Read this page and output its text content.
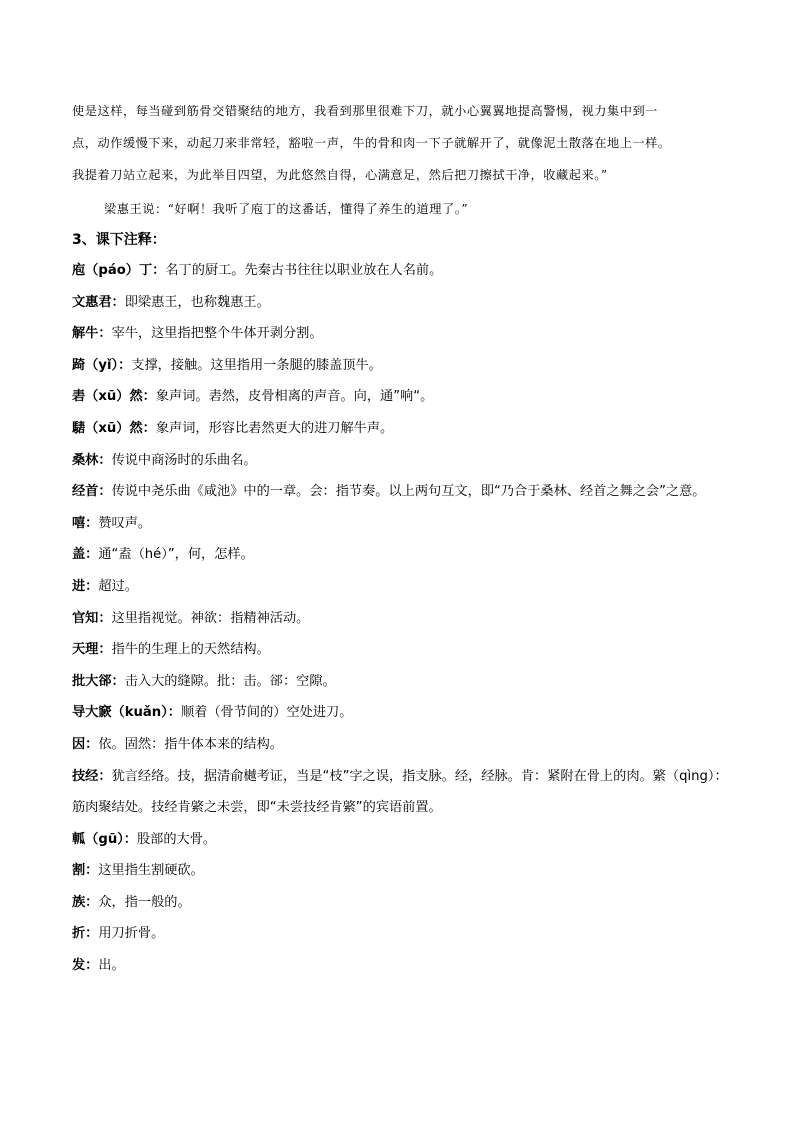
使是这样，每当碰到筋骨交错聚结的地方，我看到那里很难下刀，就小心翼翼地提高警惕，视力集中到一
点，动作缓慢下来，动起刀来非常轻，豁啦一声，牛的骨和肉一下子就解开了，就像泥土散落在地上一样。
我提着刀站立起来，为此举目四望，为此悠然自得，心满意足，然后把刀擦拭干净，收藏起来。”
梁惠王说：“好啊！我听了庖丁的这番话，懂得了养生的道理了。”
3、课下注释：
庖（páo）丁：名丁的厨工。先秦古书往往以职业放在人名前。
文惠君：即梁惠王，也称魏惠王。
解牛：宰牛，这里指把整个牛体开剥分割。
踦（yǐ）：支撑，接触。这里指用一条腿的膝盖顶牛。
砉（xū）然：象声词。砉然，皮骨相离的声音。向，通”响“。
騞（xū）然：象声词，形容比砉然更大的进刀解牛声。
桑林：传说中商汤时的乐曲名。
经首：传说中尧乐曲《咸池》中的一章。会：指节奏。以上两句互文，即“乃合于桑林、经首之舞之会”之意。
嘻：赞叹声。
盖：通“盍（hé）”，何，怎样。
进：超过。
官知：这里指视觉。神欲：指精神活动。
天理：指牛的生理上的天然结构。
批大郤：击入大的缝隙。批：击。郤：空隙。
导大窾（kuǎn）：顺着（骨节间的）空处进刀。
因：依。固然：指牛体本来的结构。
技经：犹言经络。技，据清俞樾考证，当是“枝”字之误，指支脉。经，经脉。肯：紧附在骨上的肉。綮（qìng）：筋肉聚结处。技经肯綮之未尝，即“未尝技经肯綮”的宾语前置。
軱（gū）：股部的大骨。
割：这里指生割硬砍。
族：众，指一般的。
折：用刀折骨。
发：出。
